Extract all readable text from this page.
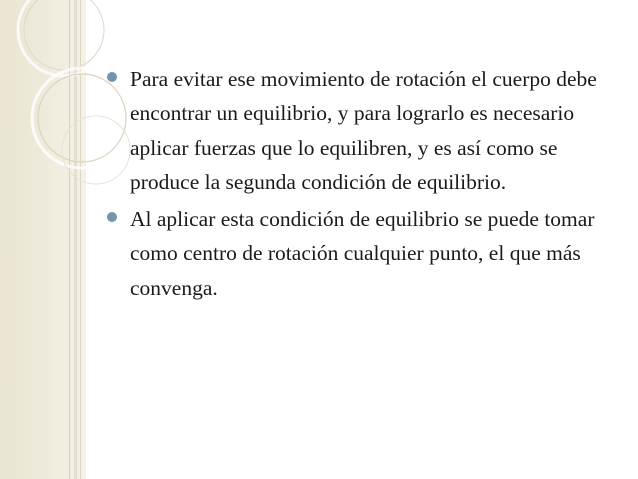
Para evitar ese movimiento de rotación el cuerpo debe encontrar un equilibrio, y para lograrlo es necesario aplicar fuerzas que lo equilibren, y es así como se produce la segunda condición de equilibrio.
Al aplicar esta condición de equilibrio se puede tomar como centro de rotación cualquier punto, el que más convenga.
